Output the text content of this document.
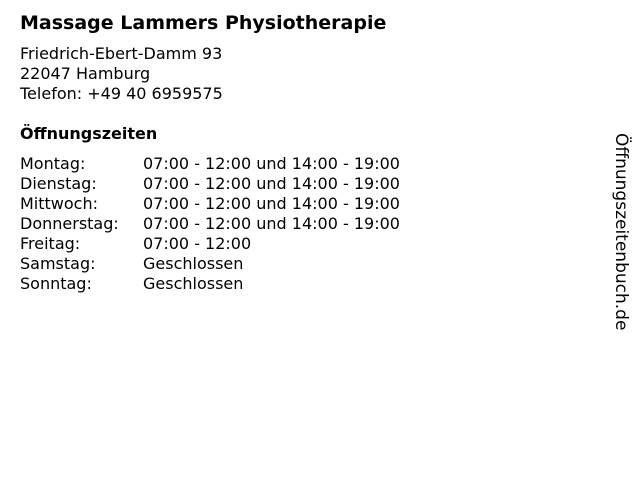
Massage Lammers Physiotherapie
Friedrich-Ebert-Damm 93
22047 Hamburg
Telefon: +49 40 6959575
Öffnungszeiten
Montag:	07:00 - 12:00 und 14:00 - 19:00
Dienstag:	07:00 - 12:00 und 14:00 - 19:00
Mittwoch:	07:00 - 12:00 und 14:00 - 19:00
Donnerstag:	07:00 - 12:00 und 14:00 - 19:00
Freitag:	07:00 - 12:00
Samstag:	Geschlossen
Sonntag:	Geschlossen	Öffnungszeitenbuch.de
